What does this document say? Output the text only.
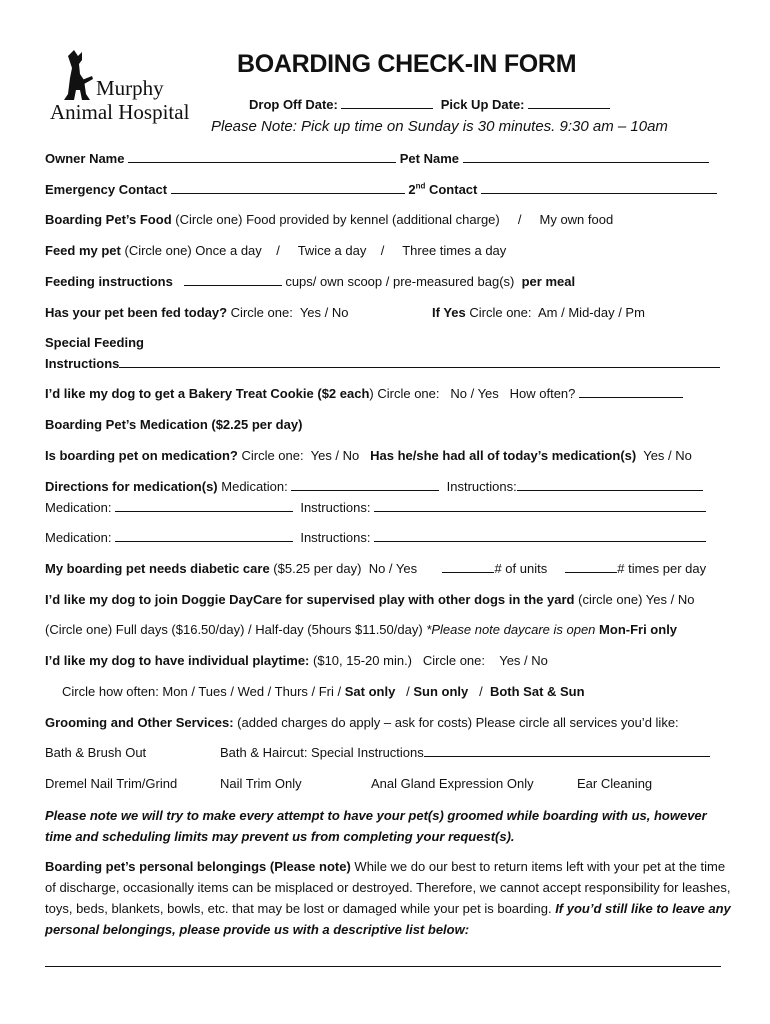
Murphy
Animal Hospital
BOARDING CHECK-IN FORM
Drop Off Date:	Pick Up Date:
Please Note: Pick up time on Sunday is 30 minutes. 9:30 am – 10am
Owner Name	Pet Name
Emergency Contact	2nd Contact
Boarding Pet’s Food (Circle one) Food provided by kennel (additional charge) / My own food
Feed my pet (Circle one) Once a day    /     Twice a day    /     Three times a day
Feeding instructions	cups/ own scoop / pre-measured bag(s) per meal
Has your pet been fed today? Circle one: Yes / No	If Yes Circle one: Am / Mid-day / Pm
Special Feeding
Instructions
I’d like my dog to get a Bakery Treat Cookie ($2 each) Circle one: No / Yes How often?
Boarding Pet’s Medication ($2.25 per day)
Is boarding pet on medication? Circle one: Yes / No Has he/she had all of today’s medication(s) Yes / No
Directions for medication(s) Medication:	Instructions:
Medication:	Instructions:
Medication:	Instructions:
My boarding pet needs diabetic care ($5.25 per day) No / Yes	# of units	# times per day
I’d like my dog to join Doggie DayCare for supervised play with other dogs in the yard (circle one) Yes / No
(Circle one) Full days ($16.50/day) / Half-day (5hours $11.50/day) *Please note daycare is open Mon-Fri only
I’d like my dog to have individual playtime: ($10, 15-20 min.) Circle one: Yes / No
Circle how often: Mon / Tues / Wed / Thurs / Fri / Sat only   / Sun only   /  Both Sat & Sun
Grooming and Other Services: (added charges do apply – ask for costs) Please circle all services you’d like:
Bath & Brush Out	Bath & Haircut: Special Instructions
Dremel Nail Trim/Grind	Nail Trim Only	Anal Gland Expression Only	Ear Cleaning
Please note we will try to make every attempt to have your pet(s) groomed while boarding with us, however time and scheduling limits may prevent us from completing your request(s).
Boarding pet’s personal belongings (Please note) While we do our best to return items left with your pet at the time of discharge, occasionally items can be misplaced or destroyed. Therefore, we cannot accept responsibility for leashes, toys, beds, blankets, bowls, etc. that may be lost or damaged while your pet is boarding. If you’d still like to leave any personal belongings, please provide us with a descriptive list below:
